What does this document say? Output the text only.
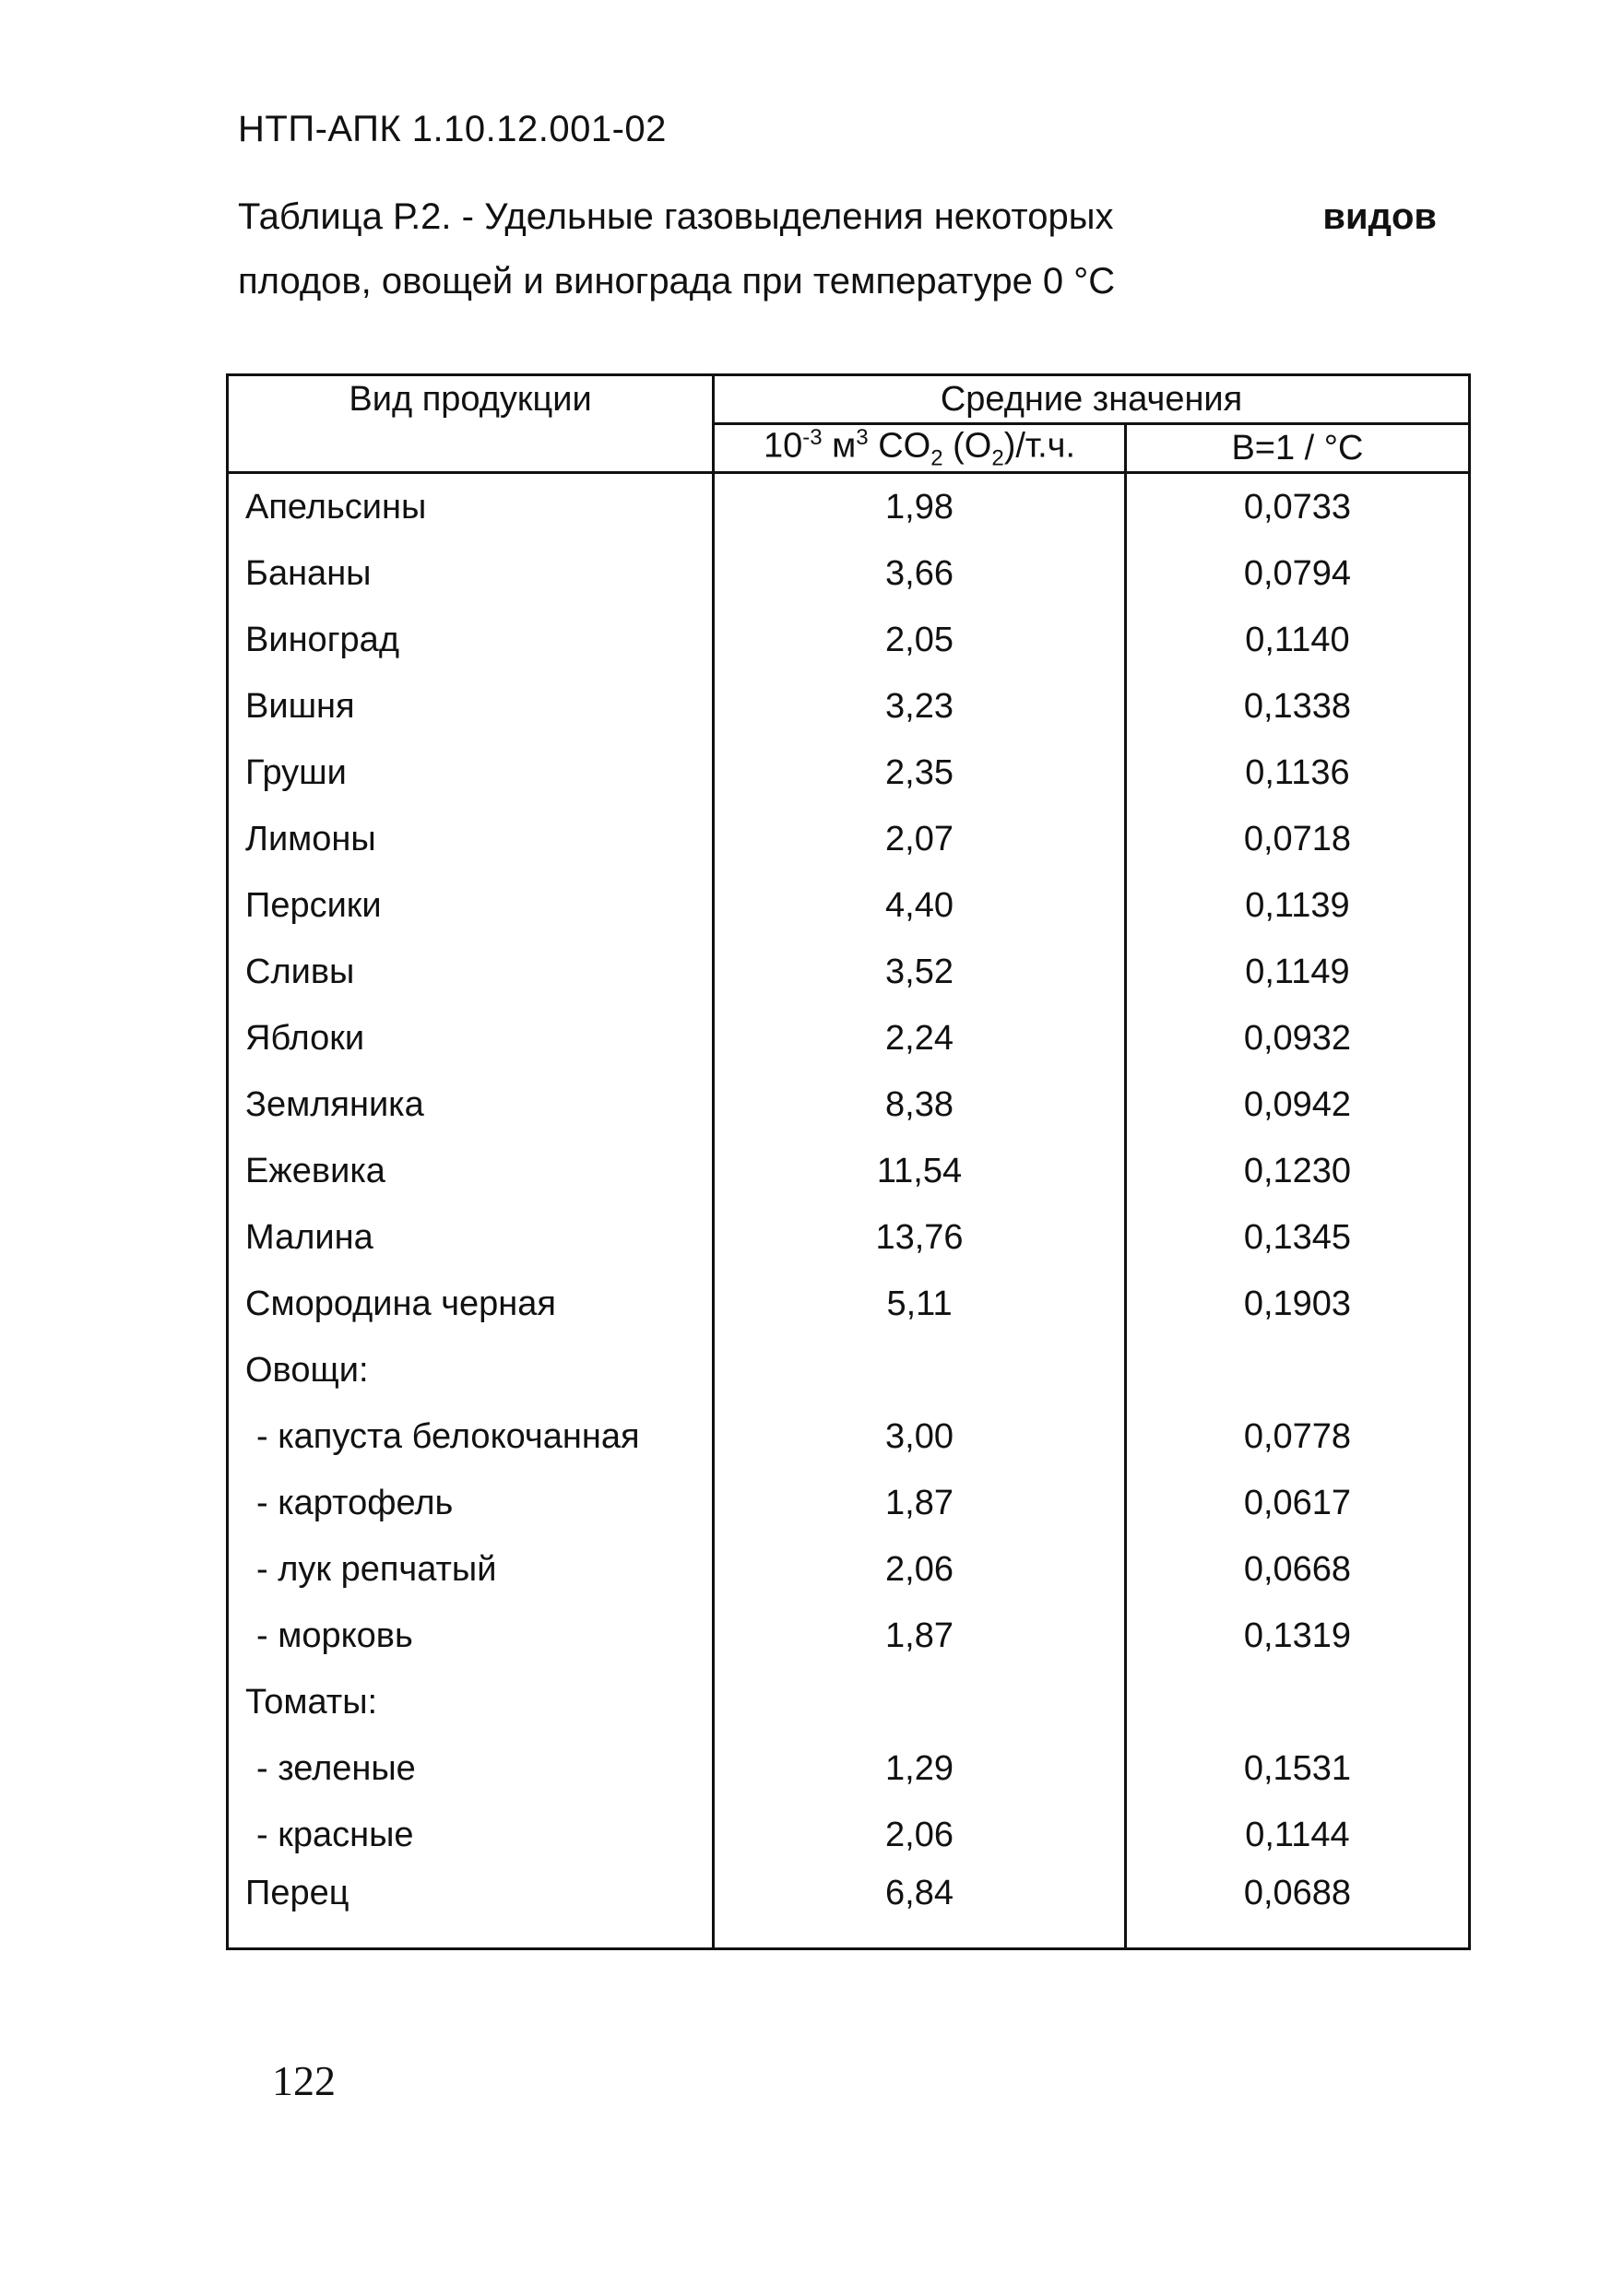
НТП-АПК 1.10.12.001-02
Таблица Р.2. - Удельные газовыделения некоторых	видов
плодов, овощей и винограда при температуре 0 °С
Вид продукции	Средние значения	
	$10^{-3}$ $м^3$ $CO_2$ $(O_2)/т.ч$.	B=1 / °C
Апельсины	1,98	0,0733
Бананы	3,66	0,0794
Виноград	2,05	0,1140
Вишня	3,23	0,1338
Груши	2,35	0,1136
Лимоны	2,07	0,0718
Персики	4,40	0,1139
Сливы	3,52	0,1149
Яблоки	2,24	0,0932
Земляника	8,38	0,0942
Ежевика	11,54	0,1230
Малина	13,76	0,1345
Смородина черная	5,11	0,1903
Овощи:		
- капуста белокочанная	3,00	0,0778
- картофель	1,87	0,0617
- лук репчатый	2,06	0,0668
- морковь	1,87	0,1319
Томаты:		
- зеленые	1,29	0,1531
- красные	2,06	0,1144
Перец	6,84	0,0688
122
